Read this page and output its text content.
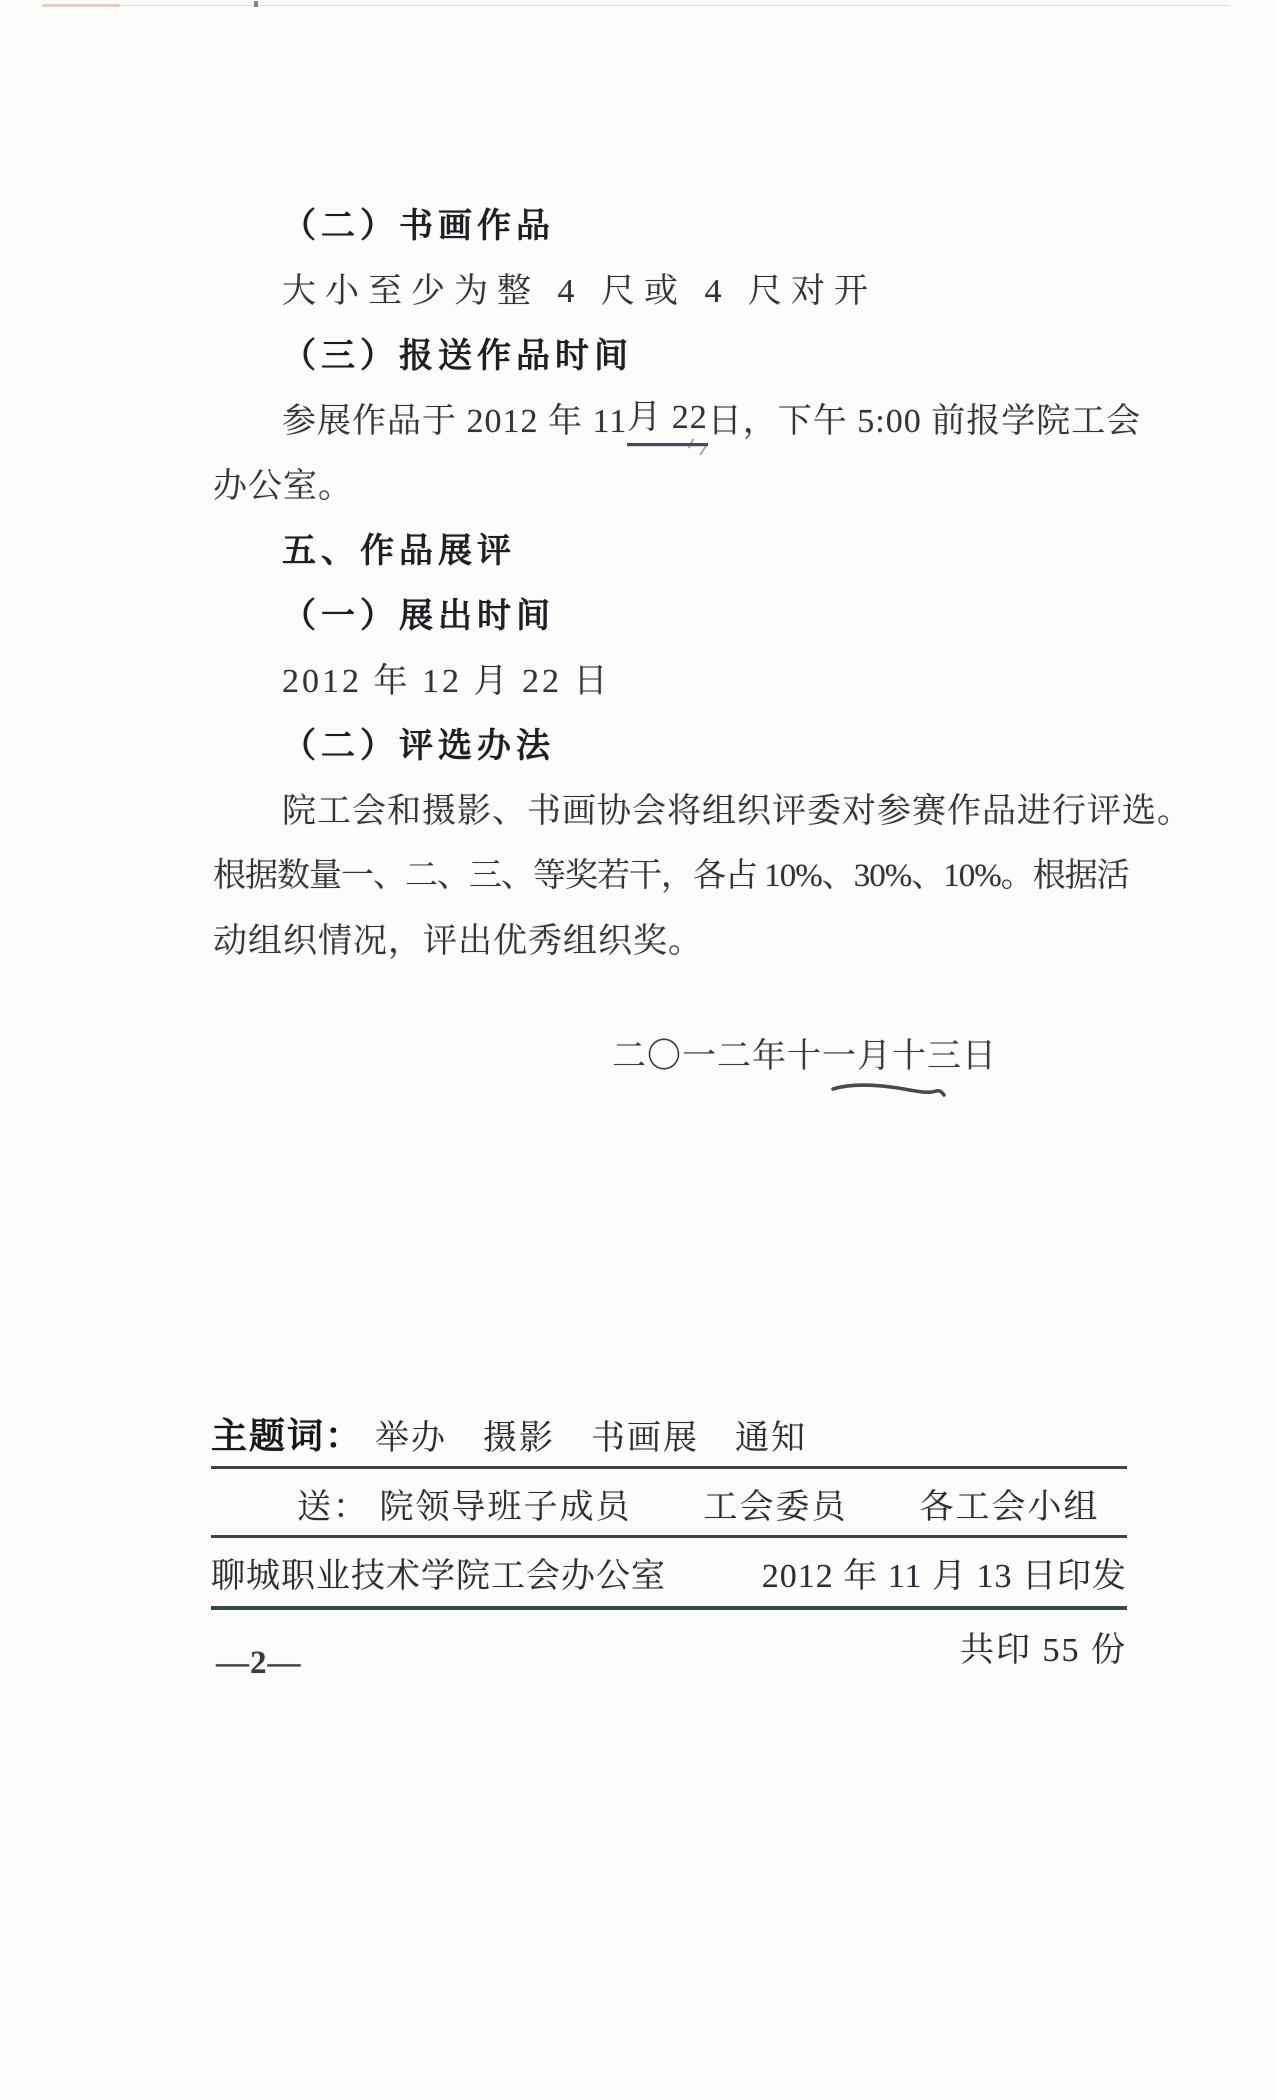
（二）书画作品
大小至少为整 4 尺或 4 尺对开
（三）报送作品时间
参展作品于 2012 年 11 月 22 日，下午 5:00 前报学院工会
办公室。
五、作品展评
（一）展出时间
2012 年 12 月 22 日
（二）评选办法
院工会和摄影、书画协会将组织评委对参赛作品进行评选。
根据数量一、二、三、等奖若干，各占 10%、30%、10%。根据活
动组织情况，评出优秀组织奖。
二〇一二年十一月十三日
主题词： 举办　摄影　书画展　通知
送： 院领导班子成员　　工会委员　　各工会小组
聊城职业技术学院工会办公室	2012 年 11 月 13 日印发
共印 55 份
—2—
